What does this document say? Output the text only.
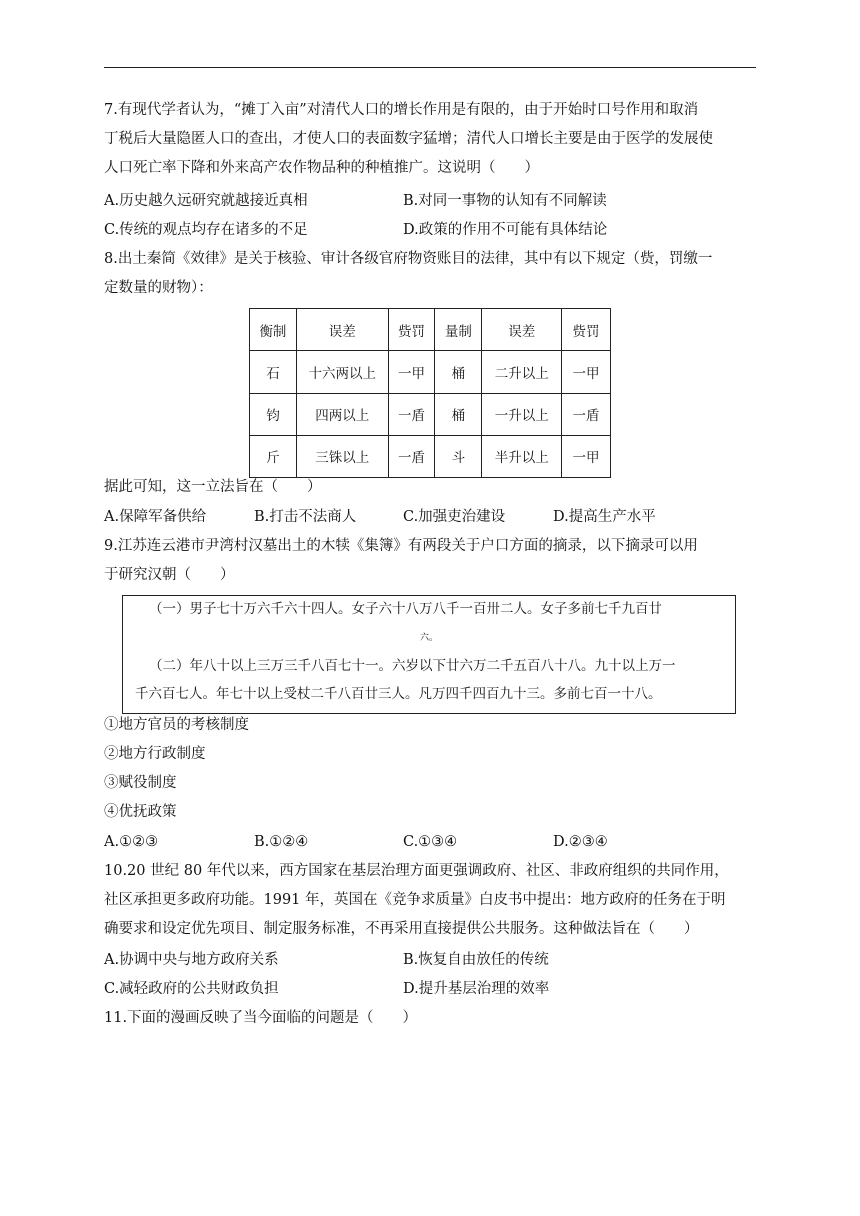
7.有现代学者认为，“摊丁入亩”对清代人口的增长作用是有限的，由于开始时口号作用和取消
丁税后大量隐匿人口的查出，才使人口的表面数字猛增；清代人口增长主要是由于医学的发展使
人口死亡率下降和外来高产农作物品种的种植推广。这说明（　　）
A.历史越久远研究就越接近真相	B.对同一事物的认知有不同解读
C.传统的观点均存在诸多的不足	D.政策的作用不可能有具体结论
8.出土秦简《效律》是关于核验、审计各级官府物资账目的法律，其中有以下规定（赀，罚缴一
定数量的财物）：
衡制	误差	赀罚	量制	误差	赀罚
石	十六两以上	一甲	桶	二升以上	一甲
钧	四两以上	一盾	桶	一升以上	一盾
斤	三铢以上	一盾	斗	半升以上	一甲
据此可知，这一立法旨在（　　）
A.保障军备供给	B.打击不法商人	C.加强吏治建设	D.提高生产水平
9.江苏连云港市尹湾村汉墓出土的木犊《集簿》有两段关于户口方面的摘录，以下摘录可以用
于研究汉朝（　　）
（一）男子七十万六千六十四人。女子六十八万八千一百卅二人。女子多前七千九百廿
六。
（二）年八十以上三万三千八百七十一。六岁以下廿六万二千五百八十八。九十以上万一
千六百七人。年七十以上受杖二千八百廿三人。凡万四千四百九十三。多前七百一十八。
①地方官员的考核制度
②地方行政制度
③赋役制度
④优抚政策
A.①②③	B.①②④	C.①③④	D.②③④
10.20 世纪 80 年代以来，西方国家在基层治理方面更强调政府、社区、非政府组织的共同作用，
社区承担更多政府功能。1991 年，英国在《竞争求质量》白皮书中提出：地方政府的任务在于明
确要求和设定优先项目、制定服务标准，不再采用直接提供公共服务。这种做法旨在（　　）
A.协调中央与地方政府关系	B.恢复自由放任的传统
C.减轻政府的公共财政负担	D.提升基层治理的效率
11.下面的漫画反映了当今面临的问题是（　　）
